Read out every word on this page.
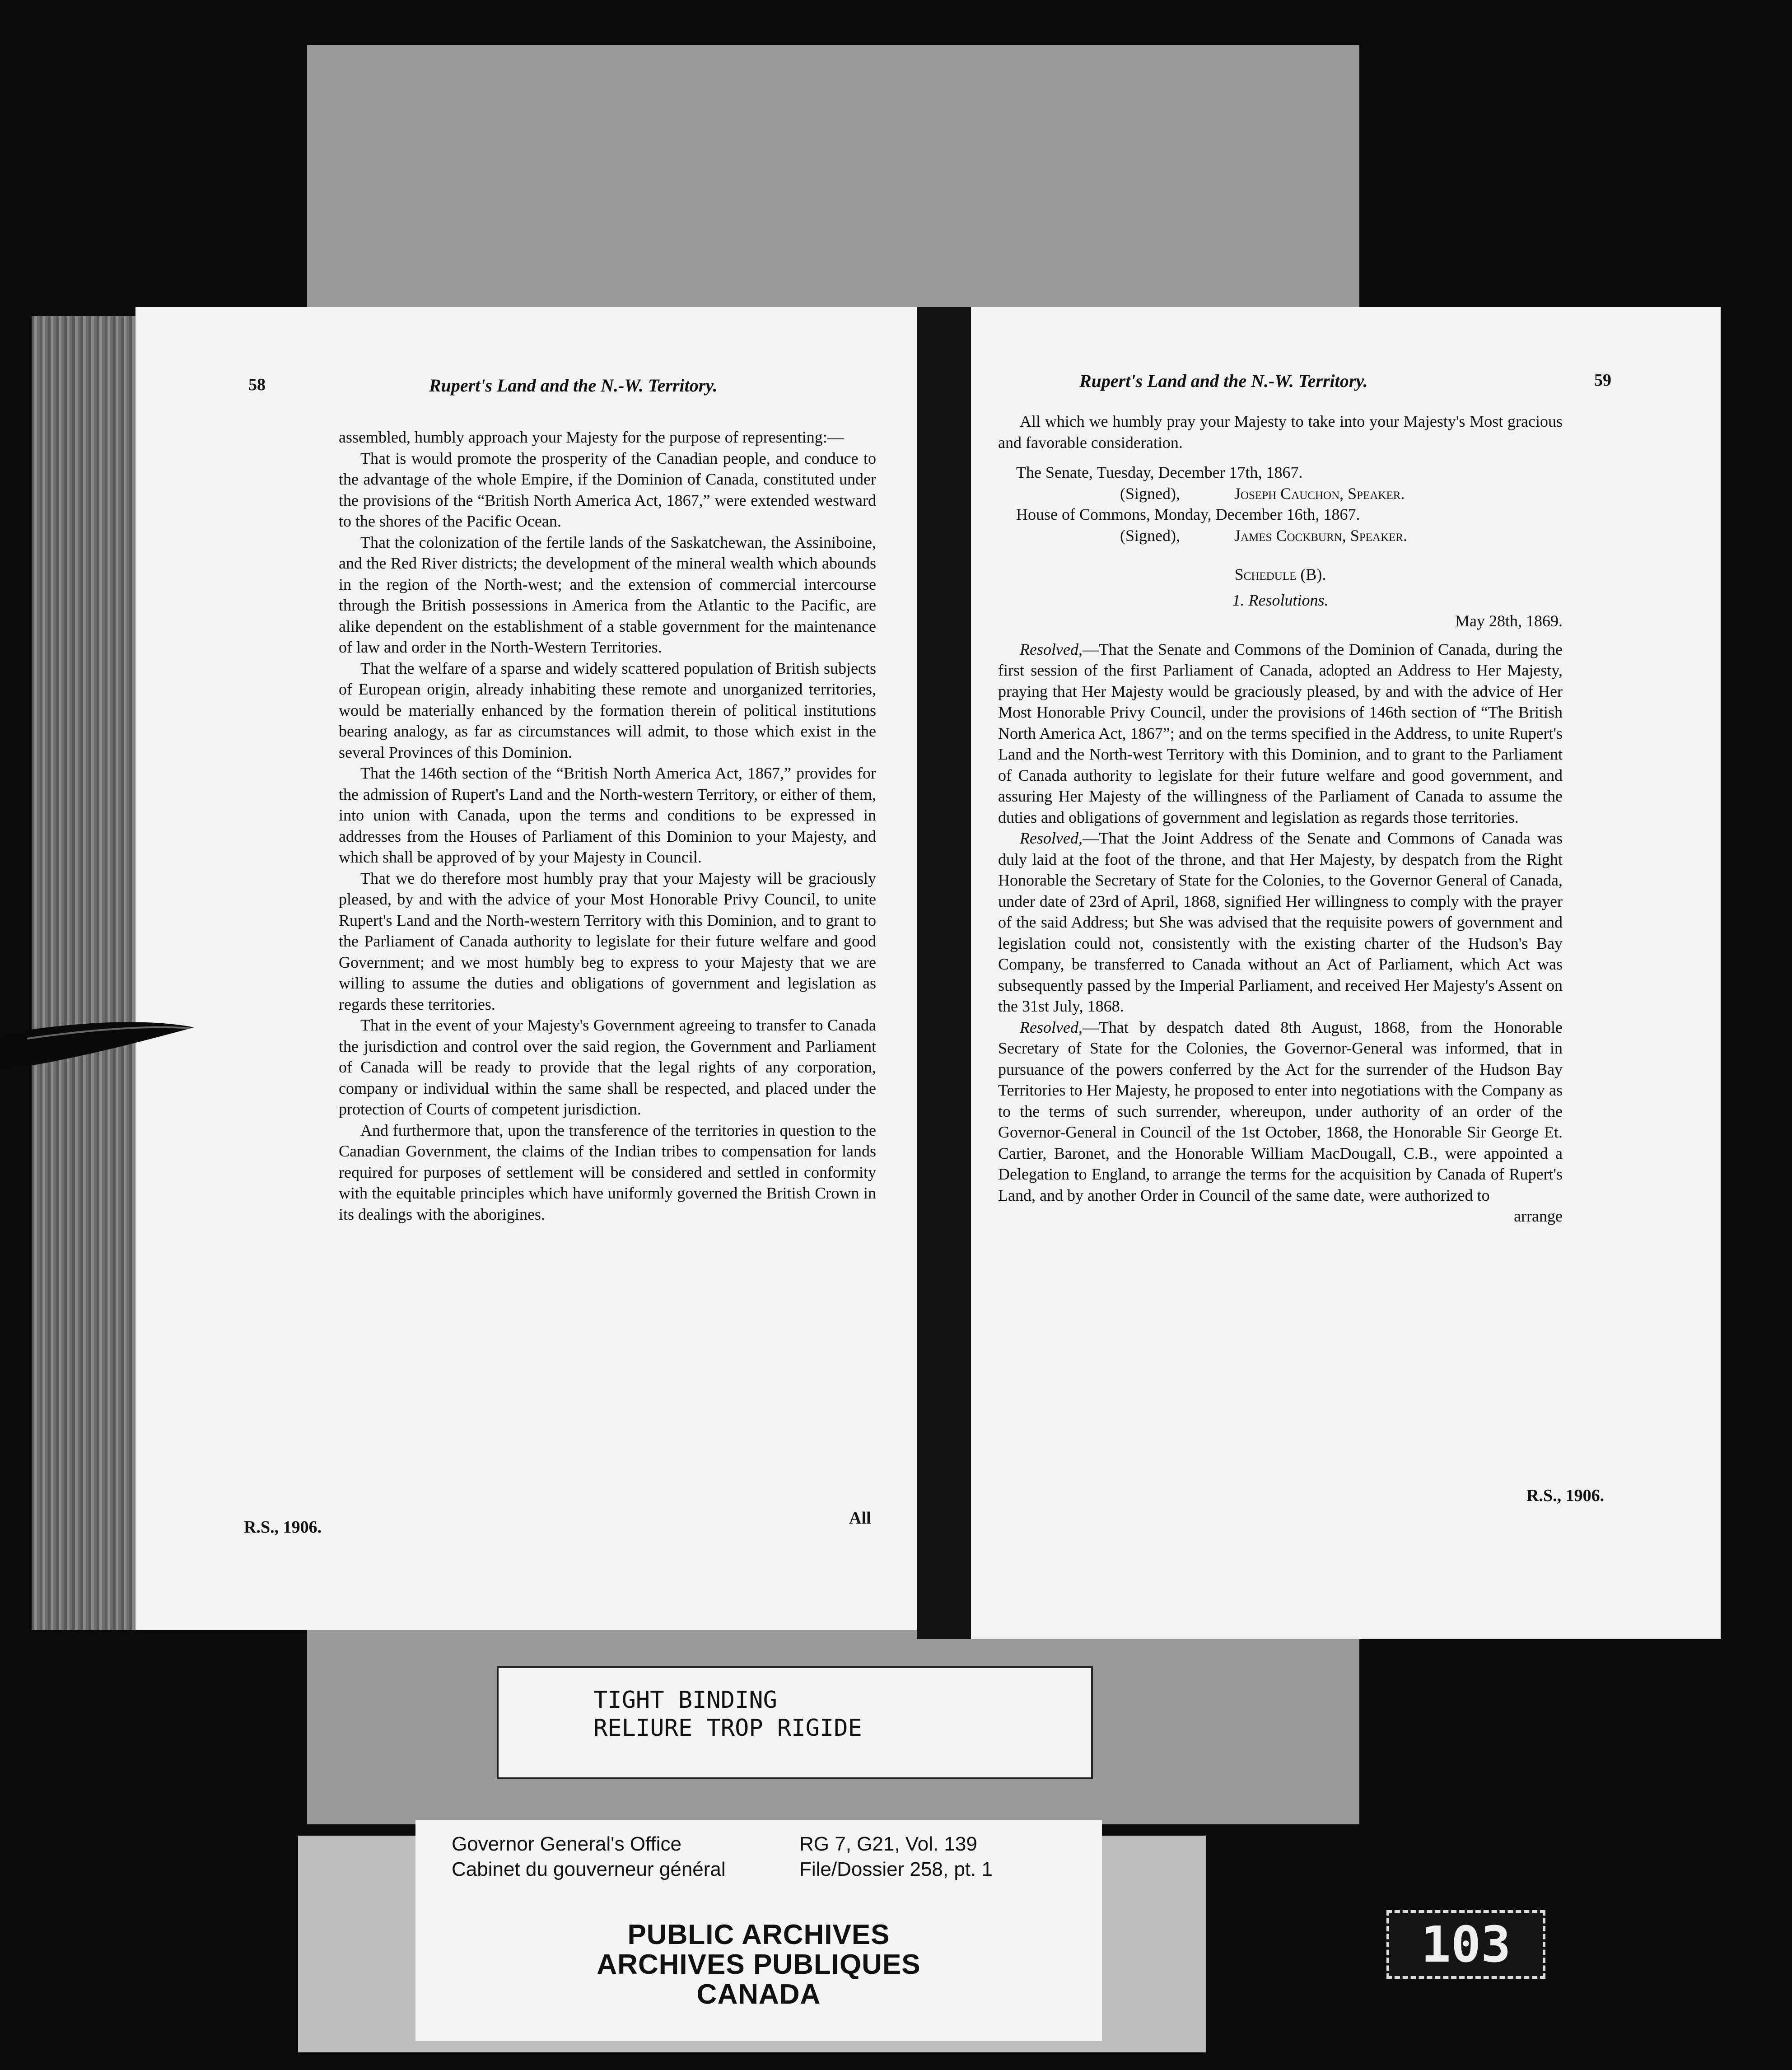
58	Rupert's Land and the N.-W. Territory.

assembled, humbly approach your Majesty for the purpose of representing:—

That is would promote the prosperity of the Canadian people, and conduce to the advantage of the whole Empire, if the Dominion of Canada, constituted under the provisions of the “British North America Act, 1867,” were extended westward to the shores of the Pacific Ocean.

That the colonization of the fertile lands of the Saskatchewan, the Assiniboine, and the Red River districts; the development of the mineral wealth which abounds in the region of the North-west; and the extension of commercial intercourse through the British possessions in America from the Atlantic to the Pacific, are alike dependent on the establishment of a stable government for the maintenance of law and order in the North-Western Territories.

That the welfare of a sparse and widely scattered population of British subjects of European origin, already inhabiting these remote and unorganized territories, would be materially enhanced by the formation therein of political institutions bearing analogy, as far as circumstances will admit, to those which exist in the several Provinces of this Dominion.

That the 146th section of the “British North America Act, 1867,” provides for the admission of Rupert's Land and the North-western Territory, or either of them, into union with Canada, upon the terms and conditions to be expressed in addresses from the Houses of Parliament of this Dominion to your Majesty, and which shall be approved of by your Majesty in Council.

That we do therefore most humbly pray that your Majesty will be graciously pleased, by and with the advice of your Most Honorable Privy Council, to unite Rupert's Land and the North-western Territory with this Dominion, and to grant to the Parliament of Canada authority to legislate for their future welfare and good Government; and we most humbly beg to express to your Majesty that we are willing to assume the duties and obligations of government and legislation as regards these territories.

That in the event of your Majesty's Government agreeing to transfer to Canada the jurisdiction and control over the said region, the Government and Parliament of Canada will be ready to provide that the legal rights of any corporation, company or individual within the same shall be respected, and placed under the protection of Courts of competent jurisdiction.

And furthermore that, upon the transference of the territories in question to the Canadian Government, the claims of the Indian tribes to compensation for lands required for purposes of settlement will be considered and settled in conformity with the equitable principles which have uniformly governed the British Crown in its dealings with the aborigines.

All
R.S., 1906.
Rupert's Land and the N.-W. Territory.	59

All which we humbly pray your Majesty to take into your Majesty's Most gracious and favorable consideration.

The Senate, Tuesday, December 17th, 1867.

(Signed),	Joseph Cauchon, Speaker.

House of Commons, Monday, December 16th, 1867.

(Signed),	James Cockburn, Speaker.

Schedule (B).

1. Resolutions.

May 28th, 1869.

Resolved,—That the Senate and Commons of the Dominion of Canada, during the first session of the first Parliament of Canada, adopted an Address to Her Majesty, praying that Her Majesty would be graciously pleased, by and with the advice of Her Most Honorable Privy Council, under the provisions of 146th section of “The British North America Act, 1867”; and on the terms specified in the Address, to unite Rupert's Land and the North-west Territory with this Dominion, and to grant to the Parliament of Canada authority to legislate for their future welfare and good government, and assuring Her Majesty of the willingness of the Parliament of Canada to assume the duties and obligations of government and legislation as regards those territories.

Resolved,—That the Joint Address of the Senate and Commons of Canada was duly laid at the foot of the throne, and that Her Majesty, by despatch from the Right Honorable the Secretary of State for the Colonies, to the Governor General of Canada, under date of 23rd of April, 1868, signified Her willingness to comply with the prayer of the said Address; but She was advised that the requisite powers of government and legislation could not, consistently with the existing charter of the Hudson's Bay Company, be transferred to Canada without an Act of Parliament, which Act was subsequently passed by the Imperial Parliament, and received Her Majesty's Assent on the 31st July, 1868.

Resolved,—That by despatch dated 8th August, 1868, from the Honorable Secretary of State for the Colonies, the Governor-General was informed, that in pursuance of the powers conferred by the Act for the surrender of the Hudson Bay Territories to Her Majesty, he proposed to enter into negotiations with the Company as to the terms of such surrender, whereupon, under authority of an order of the Governor-General in Council of the 1st October, 1868, the Honorable Sir George Et. Cartier, Baronet, and the Honorable William MacDougall, C.B., were appointed a Delegation to England, to arrange the terms for the acquisition by Canada of Rupert's Land, and by another Order in Council of the same date, were authorized to

arrange

R.S., 1906.
TIGHT BINDING
RELIURE TROP RIGIDE
Governor General's Office
Cabinet du gouverneur général
RG 7, G21, Vol. 139
File/Dossier 258, pt. 1
PUBLIC ARCHIVES
ARCHIVES PUBLIQUES
CANADA
103
